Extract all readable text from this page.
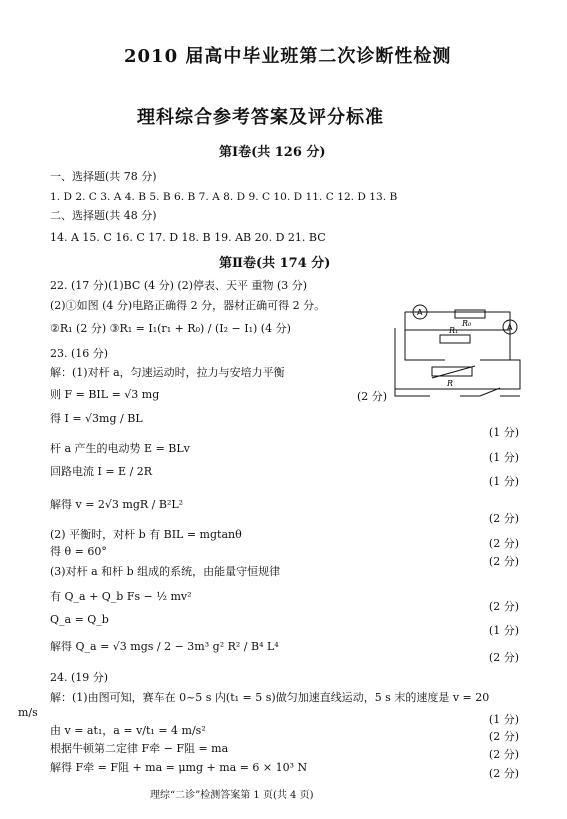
2010 届高中毕业班第二次诊断性检测
理科综合参考答案及评分标准
第Ⅰ卷(共 126 分)
一、选择题(共 78 分)
1. D 2. C 3. A 4. B 5. B 6. B 7. A 8. D 9. C 10. D 11. C 12. D 13. B
二、选择题(共 48 分)
14. A 15. C 16. C 17. D 18. B 19. AB 20. D 21. BC
第Ⅱ卷(共 174 分)
22. (17 分)(1)BC (4 分) (2)停表、天平 重物 (3 分)
(2)①如图 (4 分)电路正确得 2 分，器材正确可得 2 分。
②R₁ (2 分) ③R₁ = I₁(r₁ + R₀) / (I₂ − I₁) (4 分)
23. (16 分)
解：(1)对杆 a，匀速运动时，拉力与安培力平衡
则 F = BIL = √3 mg	(2 分)
得 I = √3mg / BL
(1 分)
杆 a 产生的电动势 E = BLv
(1 分)
回路电流 I = E / 2R
(1 分)
解得 v = 2√3 mgR / B²L²
(2 分)
(2) 平衡时，对杆 b 有 BIL = mgtanθ
(2 分)
得 θ = 60°
(2 分)
(3)对杆 a 和杆 b 组成的系统，由能量守恒规律
有 Q_a + Q_b Fs − ½ mv²
(2 分)
Q_a = Q_b
(1 分)
解得 Q_a = √3 mgs / 2 − 3m³ g² R² / B⁴ L⁴
(2 分)
24. (19 分)
解：(1)由图可知，赛车在 0~5 s 内(t₁ = 5 s)做匀加速直线运动，5 s 末的速度是 v = 20
m/s
(1 分)
由 v = at₁，a = v/t₁ = 4 m/s²	(2 分)
根据牛顿第二定律 F牵 − F阻 = ma	(2 分)
解得 F牵 = F阻 + ma = μmg + ma = 6 × 10³ N	(2 分)
理综“二诊”检测答案第 1 页(共 4 页)
A
A
R₀
R₁
R
